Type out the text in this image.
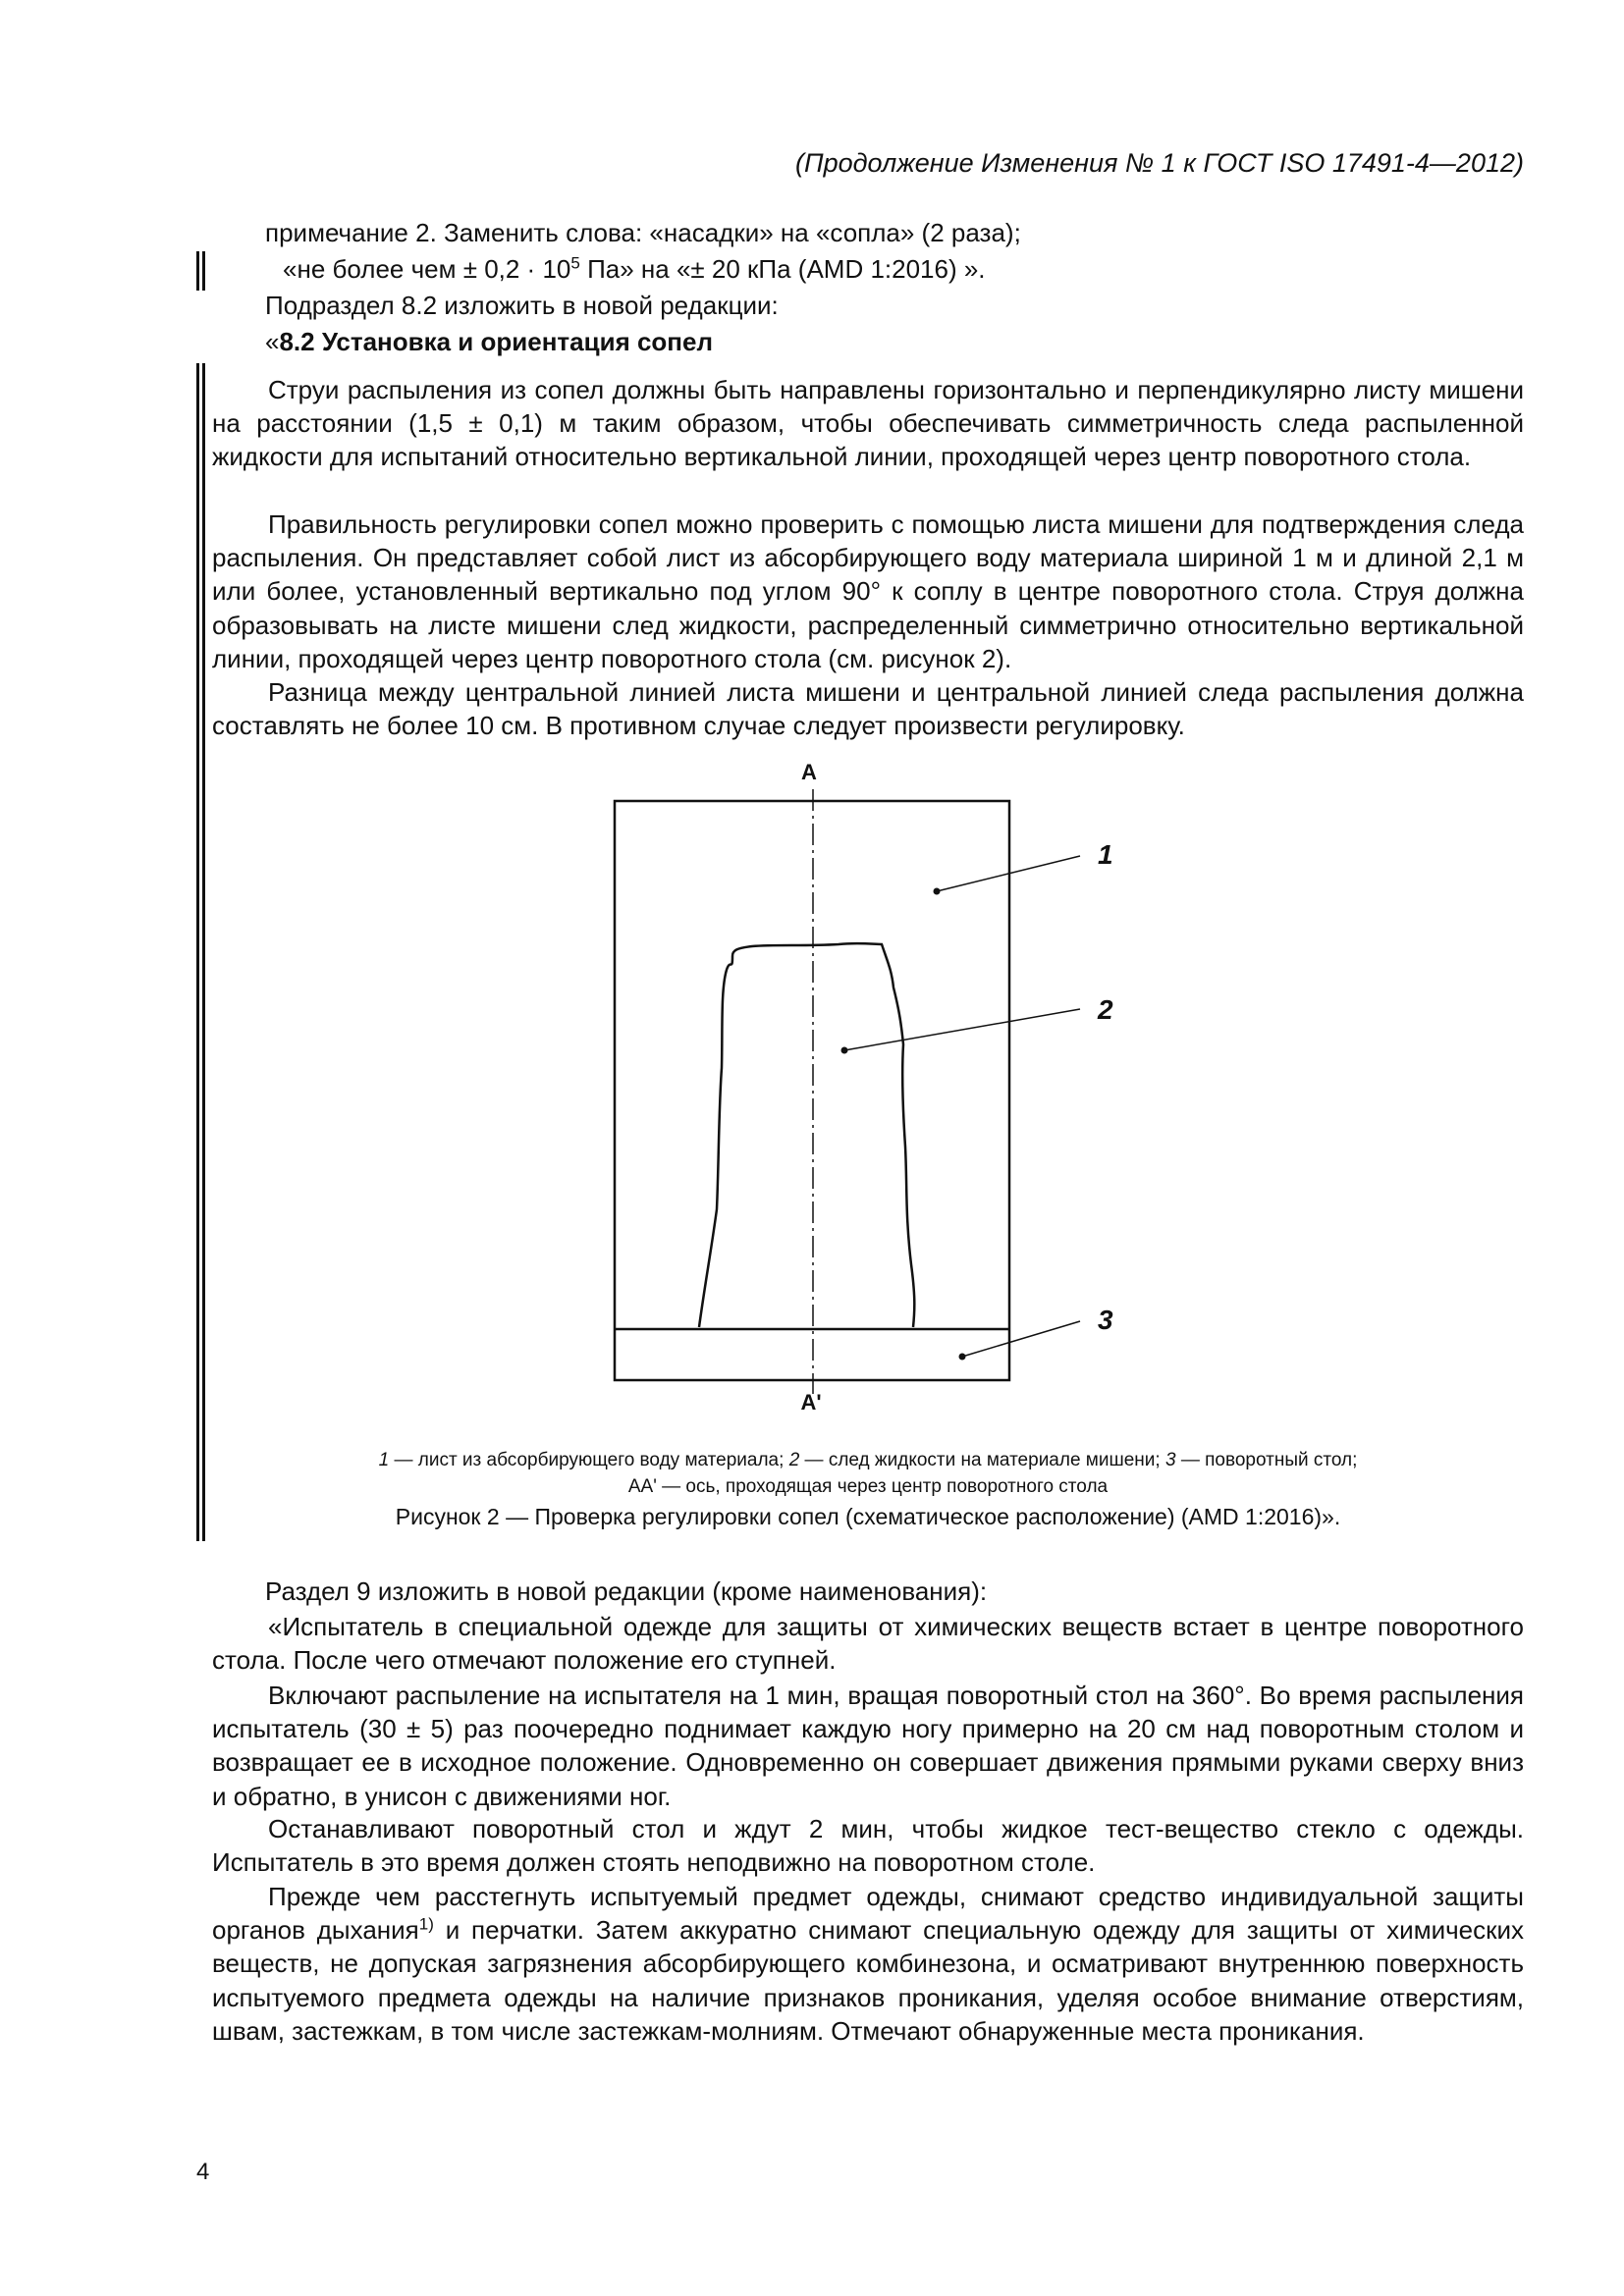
(Продолжение Изменения № 1 к ГОСТ ISO 17491-4—2012)
примечание 2. Заменить слова: «насадки» на «сопла» (2 раза);
«не более чем ± $0,2 \cdot 10^5$ Па» на «± 20 кПа (AMD 1:2016) ».
Подраздел 8.2 изложить в новой редакции:
«8.2 Установка и ориентация сопел

Струи распыления из сопел должны быть направлены горизонтально и перпендикулярно листу мишени на расстоянии (1,5 ± 0,1) м таким образом, чтобы обеспечивать симметричность следа распыленной жидкости для испытаний относительно вертикальной линии, проходящей через центр поворотного стола.

Правильность регулировки сопел можно проверить с помощью листа мишени для подтверждения следа распыления. Он представляет собой лист из абсорбирующего воду материала шириной 1 м и длиной 2,1 м или более, установленный вертикально под углом 90° к соплу в центре поворотного стола. Струя должна образовывать на листе мишени след жидкости, распределенный симметрично относительно вертикальной линии, проходящей через центр поворотного стола (см. рисунок 2).

Разница между центральной линией листа мишени и центральной линией следа распыления должна составлять не более 10 см. В противном случае следует произвести регулировку.

A
A'
1
2
3
1 — лист из абсорбирующего воду материала; 2 — след жидкости на материале мишени; 3 — поворотный стол;
AA' — ось, проходящая через центр поворотного стола
Рисунок 2 — Проверка регулировки сопел (схематическое расположение) (AMD 1:2016)».
Раздел 9 изложить в новой редакции (кроме наименования):

«Испытатель в специальной одежде для защиты от химических веществ встает в центре поворотного стола. После чего отмечают положение его ступней.

Включают распыление на испытателя на 1 мин, вращая поворотный стол на 360°. Во время распыления испытатель (30 ± 5) раз поочередно поднимает каждую ногу примерно на 20 см над поворотным столом и возвращает ее в исходное положение. Одновременно он совершает движения прямыми руками сверху вниз и обратно, в унисон с движениями ног.

Останавливают поворотный стол и ждут 2 мин, чтобы жидкое тест-вещество стекло с одежды. Испытатель в это время должен стоять неподвижно на поворотном столе.

Прежде чем расстегнуть испытуемый предмет одежды, снимают средство индивидуальной защиты органов дыхания$^{1)}$ и перчатки. Затем аккуратно снимают специальную одежду для защиты от химических веществ, не допуская загрязнения абсорбирующего комбинезона, и осматривают внутреннюю поверхность испытуемого предмета одежды на наличие признаков проникания, уделяя особое внимание отверстиям, швам, застежкам, в том числе застежкам-молниям. Отмечают обнаруженные места проникания.

4
